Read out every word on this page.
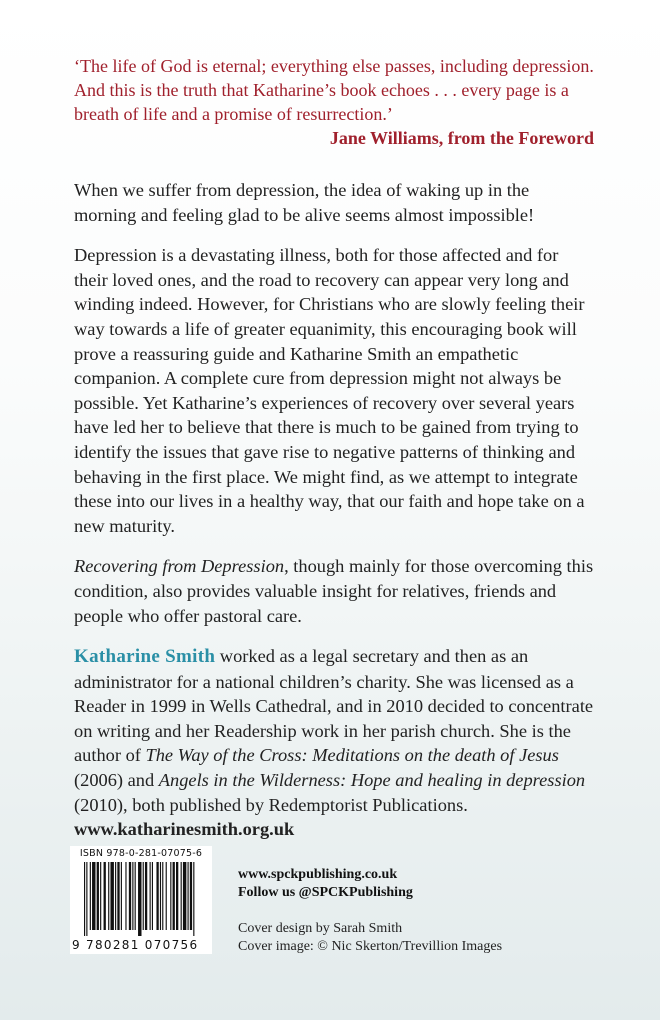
‘The life of God is eternal; everything else passes, including depression. And this is the truth that Katharine’s book echoes . . . every page is a breath of life and a promise of resurrection.’

Jane Williams, from the Foreword

When we suffer from depression, the idea of waking up in the morning and feeling glad to be alive seems almost impossible!

Depression is a devastating illness, both for those affected and for their loved ones, and the road to recovery can appear very long and winding indeed. However, for Christians who are slowly feeling their way towards a life of greater equanimity, this encouraging book will prove a reassuring guide and Katharine Smith an empathetic companion. A complete cure from depression might not always be possible. Yet Katharine’s experiences of recovery over several years have led her to believe that there is much to be gained from trying to identify the issues that gave rise to negative patterns of thinking and behaving in the first place. We might find, as we attempt to integrate these into our lives in a healthy way, that our faith and hope take on a new maturity.

Recovering from Depression, though mainly for those overcoming this condition, also provides valuable insight for relatives, friends and people who offer pastoral care.

Katharine Smith worked as a legal secretary and then as an administrator for a national children’s charity. She was licensed as a Reader in 1999 in Wells Cathedral, and in 2010 decided to concentrate on writing and her Readership work in her parish church. She is the author of The Way of the Cross: Meditations on the death of Jesus (2006) and Angels in the Wilderness: Hope and healing in depression (2010), both published by Redemptorist Publications. www.katharinesmith.org.uk

ISBN 978-0-281-07075-6
9 780281 070756
www.spckpublishing.co.uk
Follow us @SPCKPublishing
Cover design by Sarah Smith
Cover image: © Nic Skerton/Trevillion Images
